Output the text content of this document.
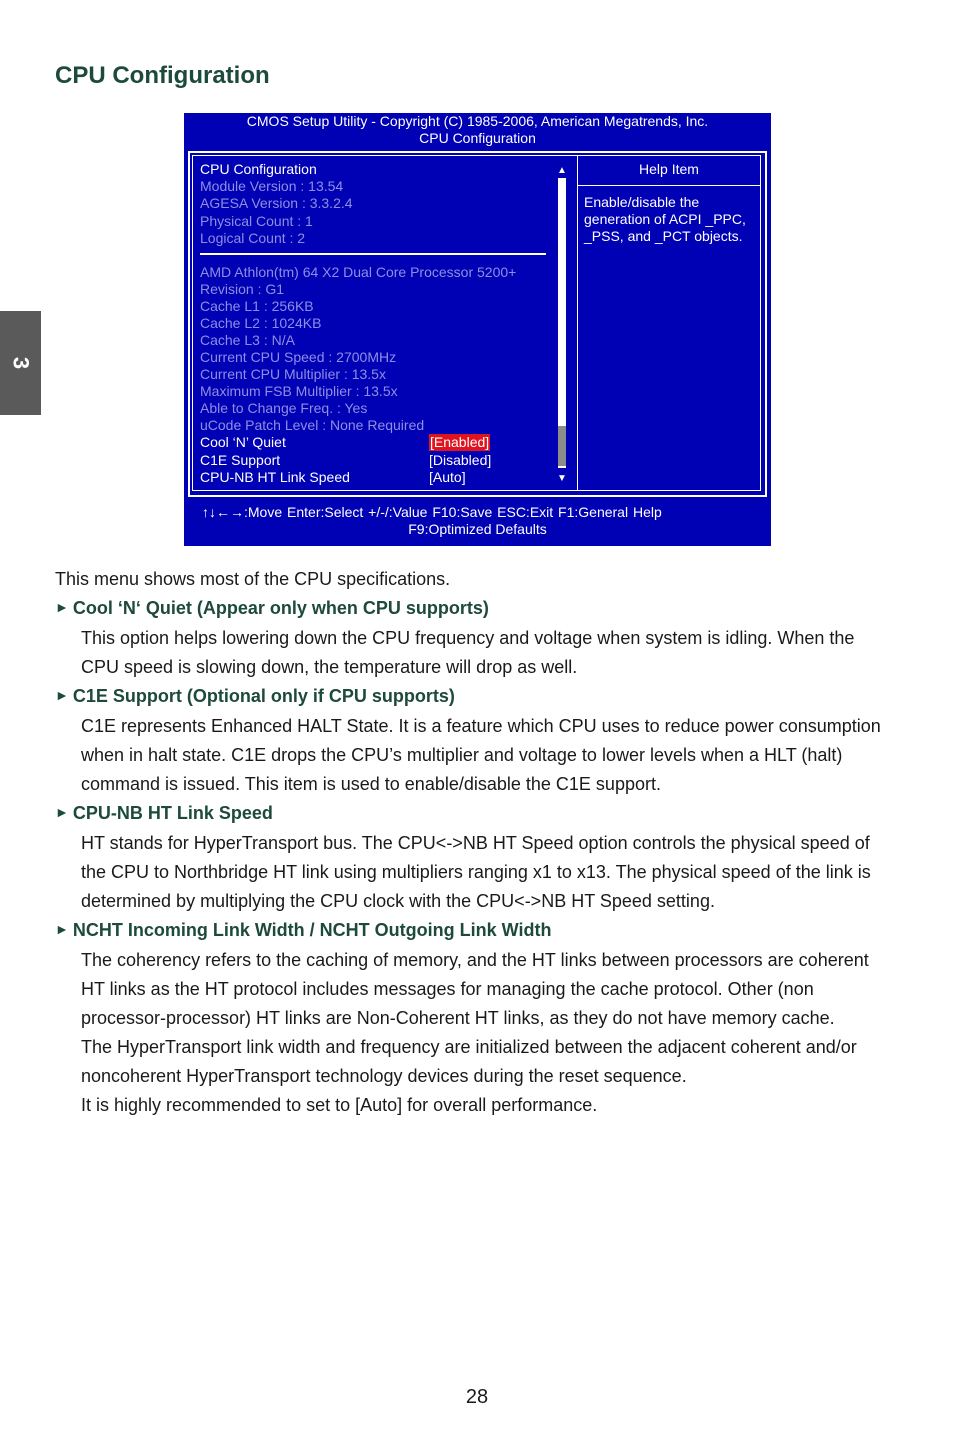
CPU Configuration
3
CMOS Setup Utility - Copyright (C) 1985-2006, American Megatrends, Inc.
CPU Configuration
CPU Configuration
Module Version : 13.54
AGESA Version : 3.3.2.4
Physical Count : 1
Logical Count : 2
AMD Athlon(tm) 64 X2 Dual Core Processor 5200+
Revision : G1
Cache L1 : 256KB
Cache L2 : 1024KB
Cache L3 : N/A
Current CPU Speed : 2700MHz
Current CPU Multiplier : 13.5x
Maximum FSB Multiplier : 13.5x
Able to Change Freq. : Yes
uCode Patch Level : None Required
Cool ‘N’ Quiet	[Enabled]
C1E Support	[Disabled]
CPU-NB HT Link Speed	[Auto]
▲
▼
Help Item
Enable/disable the generation of ACPI _PPC, _PSS, and _PCT objects.
↑↓←→:Move Enter:Select +/-/:Value F10:Save ESC:Exit F1:General Help
F9:Optimized Defaults

This menu shows most of the CPU specifications.

► Cool ‘N‘ Quiet (Appear only when CPU supports)

This option helps lowering down the CPU frequency and voltage when system is idling. When the CPU speed is slowing down, the temperature will drop as well.

► C1E Support (Optional only if CPU supports)

C1E represents Enhanced HALT State. It is a feature which CPU uses to reduce power consumption when in halt state. C1E drops the CPU’s multiplier and voltage to lower levels when a HLT (halt) command is issued. This item is used to enable/disable the C1E support.

► CPU-NB HT Link Speed

HT stands for HyperTransport bus. The CPU<->NB HT Speed option controls the physical speed of the CPU to Northbridge HT link using multipliers ranging x1 to x13. The physical speed of the link is determined by multiplying the CPU clock with the CPU<->NB HT Speed setting.

► NCHT Incoming Link Width / NCHT Outgoing Link Width

The coherency refers to the caching of memory, and the HT links between processors are coherent HT links as the HT protocol includes messages for managing the cache protocol. Other (non processor-processor) HT links are Non-Coherent HT links, as they do not have memory cache.

The HyperTransport link width and frequency are initialized between the adjacent coherent and/or noncoherent HyperTransport technology devices during the reset sequence.

It is highly recommended to set to [Auto] for overall performance.

28
